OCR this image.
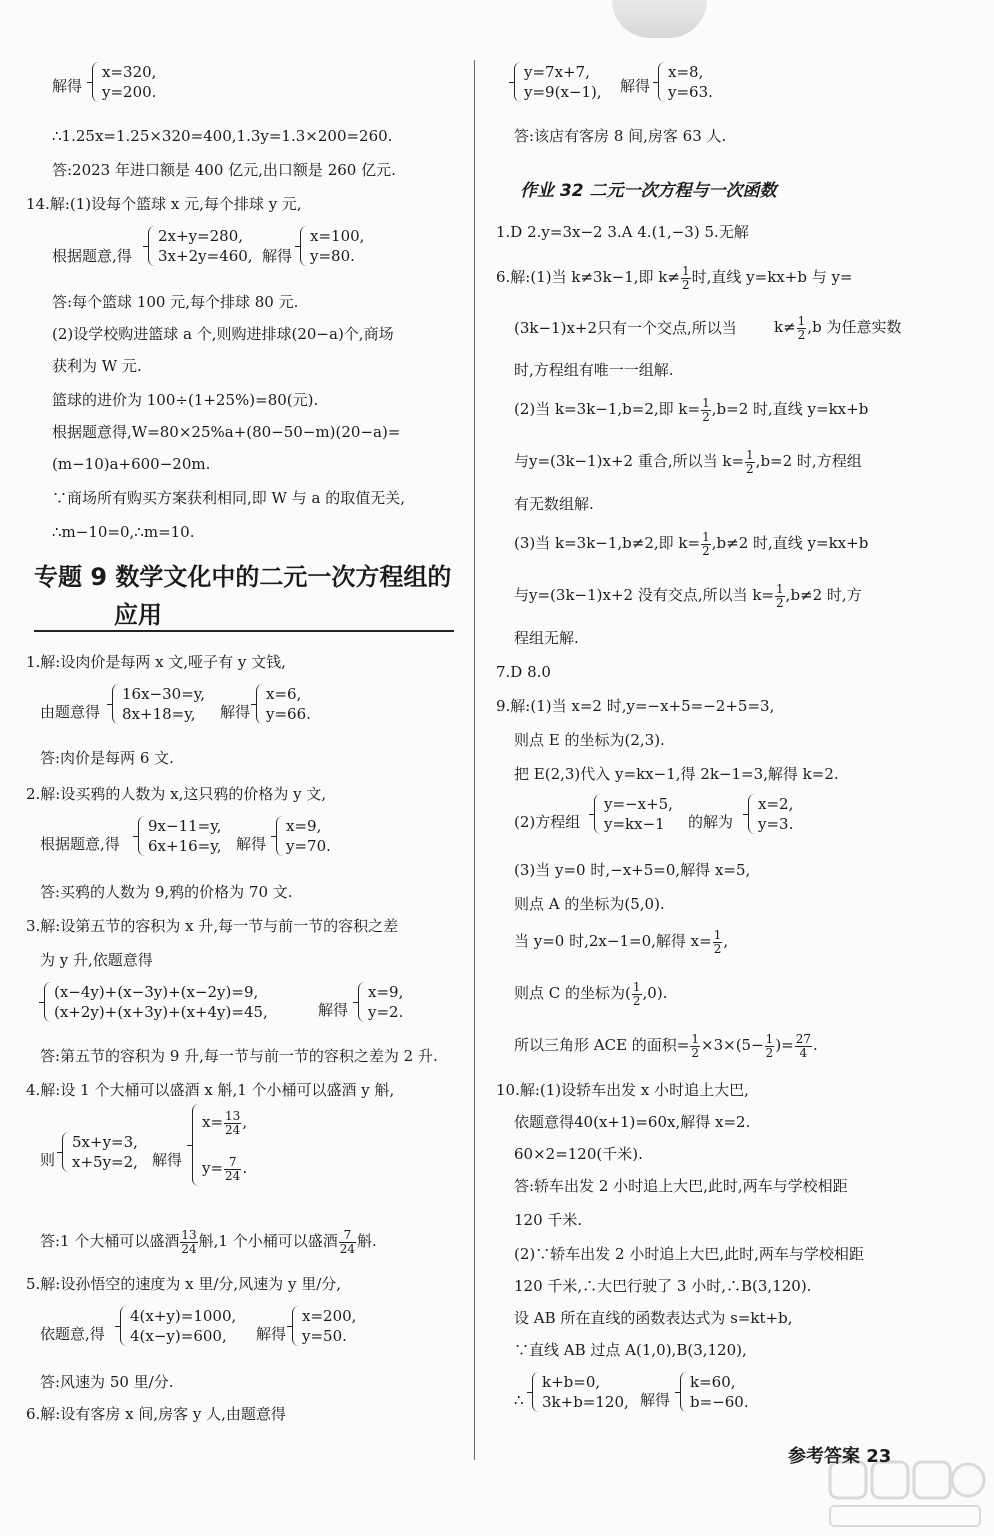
解得
∴1.25x=1.25×320=400,1.3y=1.3×200=260.
答:2023 年进口额是 400 亿元,出口额是 260 亿元.
14.解:(1)设每个篮球 x 元,每个排球 y 元,
根据题意,得	解得
答:每个篮球 100 元,每个排球 80 元.
(2)设学校购进篮球 a 个,则购进排球(20−a)个,商场
获利为 W 元.
篮球的进价为 100÷(1+25%)=80(元).
根据题意得,W=80×25%a+(80−50−m)(20−a)=
(m−10)a+600−20m.
∵商场所有购买方案获利相同,即 W 与 a 的取值无关,
∴m−10=0,∴m=10.
1.解:设肉价是每两 x 文,哑子有 y 文钱,
由题意得	解得
答:肉价是每两 6 文.
2.解:设买鸦的人数为 x,这只鸦的价格为 y 文,
根据题意,得	解得
答:买鸦的人数为 9,鸦的价格为 70 文.
3.解:设第五节的容积为 x 升,每一节与前一节的容积之差
为 y 升,依题意得
解得
答:第五节的容积为 9 升,每一节与前一节的容积之差为 2 升.
4.解:设 1 个大桶可以盛酒 x 斛,1 个小桶可以盛酒 y 斛,
则	解得
5.解:设孙悟空的速度为 x 里/分,风速为 y 里/分,
依题意,得	解得
答:风速为 50 里/分.
6.解:设有客房 x 间,房客 y 人,由题意得
解得
答:该店有客房 8 间,房客 63 人.
1.D 2.y=3x−2 3.A 4.(1,−3) 5.无解
(3k−1)x+2只有一个交点,所以当
时,方程组有唯一一组解.
有无数组解.
程组无解.
7.D 8.0
9.解:(1)当 x=2 时,y=−x+5=−2+5=3,
则点 E 的坐标为(2,3).
把 E(2,3)代入 y=kx−1,得 2k−1=3,解得 k=2.
(2)方程组	的解为
(3)当 y=0 时,−x+5=0,解得 x=5,
则点 A 的坐标为(5,0).
10.解:(1)设轿车出发 x 小时追上大巴,
依题意得40(x+1)=60x,解得 x=2.
60×2=120(千米).
答:轿车出发 2 小时追上大巴,此时,两车与学校相距
120 千米.
(2)∵轿车出发 2 小时追上大巴,此时,两车与学校相距
120 千米,∴大巴行驶了 3 小时,∴B(3,120).
设 AB 所在直线的函数表达式为 s=kt+b,
∵直线 AB 过点 A(1,0),B(3,120),
∴	解得
x=320,
y=200.
2x+y=280,
3x+2y=460,
x=100,
y=80.
专题 9 数学文化中的二元一次方程组的
应用
16x−30=y,
8x+18=y,
x=6,
y=66.
9x−11=y,
6x+16=y,
x=9,
y=70.
(x−4y)+(x−3y)+(x−2y)=9,
(x+2y)+(x+3y)+(x+4y)=45,
x=9,
y=2.
5x+y=3,
x+5y=2,
$x= \frac{13}{24}$ ,
$y= \frac{7}{24}$ .
答:1 个大桶可以盛酒 $\frac{13}{24}$ 斛,1 个小桶可以盛酒 $\frac{7}{24}$ 斛.
4(x+y)=1000,
4(x−y)=600,
x=200,
y=50.
y=7x+7,
y=9(x−1),
x=8,
y=63.
作业 32 二元一次方程与一次函数
6.解:(1)当 k≠3k−1,即 $k\ne \frac{1}{2}$ 时,直线 y=kx+b 与 y=
$k\ne \frac{1}{2} ,b$ 为任意实数
(2)当 k=3k−1,b=2,即 $k= \frac{1}{2} ,b=2$ 时,直线 y=kx+b
与y=(3k−1)x+2 重合,所以当 $k= \frac{1}{2} ,b=2$ 时,方程组
(3)当 k=3k−1,b≠2,即 $k= \frac{1}{2} ,b\ne 2$ 时,直线 y=kx+b
与y=(3k−1)x+2 没有交点,所以当 $k= \frac{1}{2} ,b\ne 2$ 时,方
y=−x+5,
y=kx−1
x=2,
y=3.
当 y=0 时,2x−1=0,解得 $x= \frac{1}{2}$ ,
则点 C 的坐标为( $\frac{1}{2} ,0$).
所以三角形 ACE 的面积= $\frac{1}{2} \times 3\times(5- \frac{1}{2}$ )= $\frac{27}{4}$ .
k+b=0,
3k+b=120,
k=60,
b=−60.
参考答案 23
